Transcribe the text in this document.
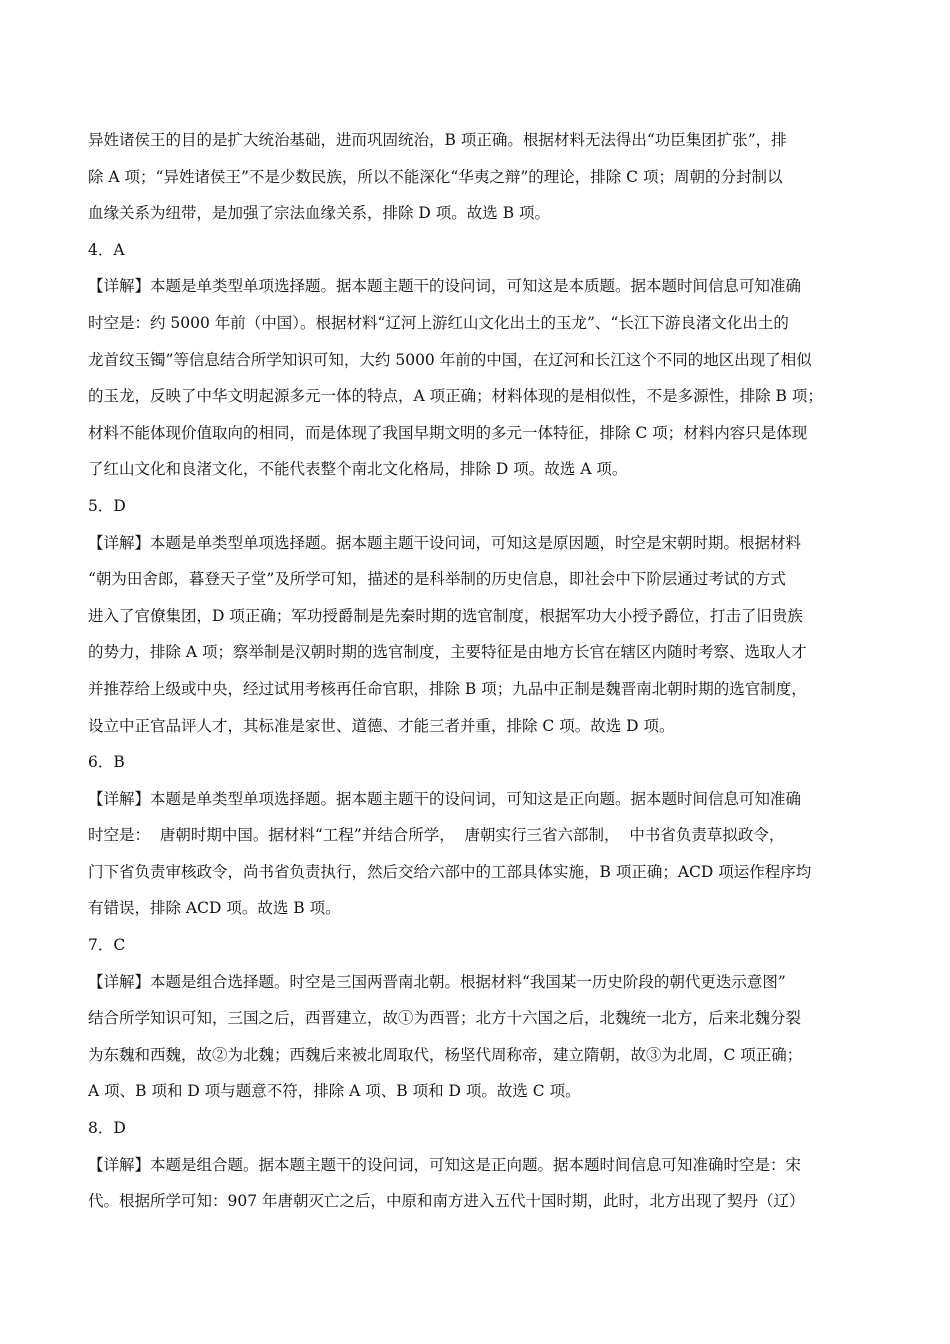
异姓诸侯王的目的是扩大统治基础，进而巩固统治，B 项正确。根据材料无法得出“功臣集团扩张”，排
除 A 项；“异姓诸侯王”不是少数民族，所以不能深化“华夷之辩”的理论，排除 C 项；周朝的分封制以
血缘关系为纽带，是加强了宗法血缘关系，排除 D 项。故选 B 项。
4．A
【详解】本题是单类型单项选择题。据本题主题干的设问词，可知这是本质题。据本题时间信息可知准确
时空是：约 5000 年前（中国）。根据材料“辽河上游红山文化出土的玉龙”、“长江下游良渚文化出土的
龙首纹玉镯”等信息结合所学知识可知，大约 5000 年前的中国，在辽河和长江这个不同的地区出现了相似
的玉龙，反映了中华文明起源多元一体的特点，A 项正确；材料体现的是相似性，不是多源性，排除 B 项；
材料不能体现价值取向的相同，而是体现了我国早期文明的多元一体特征，排除 C 项；材料内容只是体现
了红山文化和良渚文化，不能代表整个南北文化格局，排除 D 项。故选 A 项。
5．D
【详解】本题是单类型单项选择题。据本题主题干设问词，可知这是原因题，时空是宋朝时期。根据材料
“朝为田舍郎，暮登天子堂”及所学可知，描述的是科举制的历史信息，即社会中下阶层通过考试的方式
进入了官僚集团，D 项正确；军功授爵制是先秦时期的选官制度，根据军功大小授予爵位，打击了旧贵族
的势力，排除 A 项；察举制是汉朝时期的选官制度，主要特征是由地方长官在辖区内随时考察、选取人才
并推荐给上级或中央，经过试用考核再任命官职，排除 B 项；九品中正制是魏晋南北朝时期的选官制度，
设立中正官品评人才，其标准是家世、道德、才能三者并重，排除 C 项。故选 D 项。
6．B
【详解】本题是单类型单项选择题。据本题主题干的设问词，可知这是正向题。据本题时间信息可知准确
时空是：  唐朝时期中国。据材料“工程”并结合所学，  唐朝实行三省六部制，  中书省负责草拟政令，
门下省负责审核政令，尚书省负责执行，然后交给六部中的工部具体实施，B 项正确；ACD 项运作程序均
有错误，排除 ACD 项。故选 B 项。
7．C
【详解】本题是组合选择题。时空是三国两晋南北朝。根据材料“我国某一历史阶段的朝代更迭示意图”
结合所学知识可知，三国之后，西晋建立，故①为西晋；北方十六国之后，北魏统一北方，后来北魏分裂
为东魏和西魏，故②为北魏；西魏后来被北周取代，杨坚代周称帝，建立隋朝，故③为北周，C 项正确；
A 项、B 项和 D 项与题意不符，排除 A 项、B 项和 D 项。故选 C 项。
8．D
【详解】本题是组合题。据本题主题干的设问词，可知这是正向题。据本题时间信息可知准确时空是：宋
代。根据所学可知：907 年唐朝灭亡之后，中原和南方进入五代十国时期，此时，北方出现了契丹（辽）
